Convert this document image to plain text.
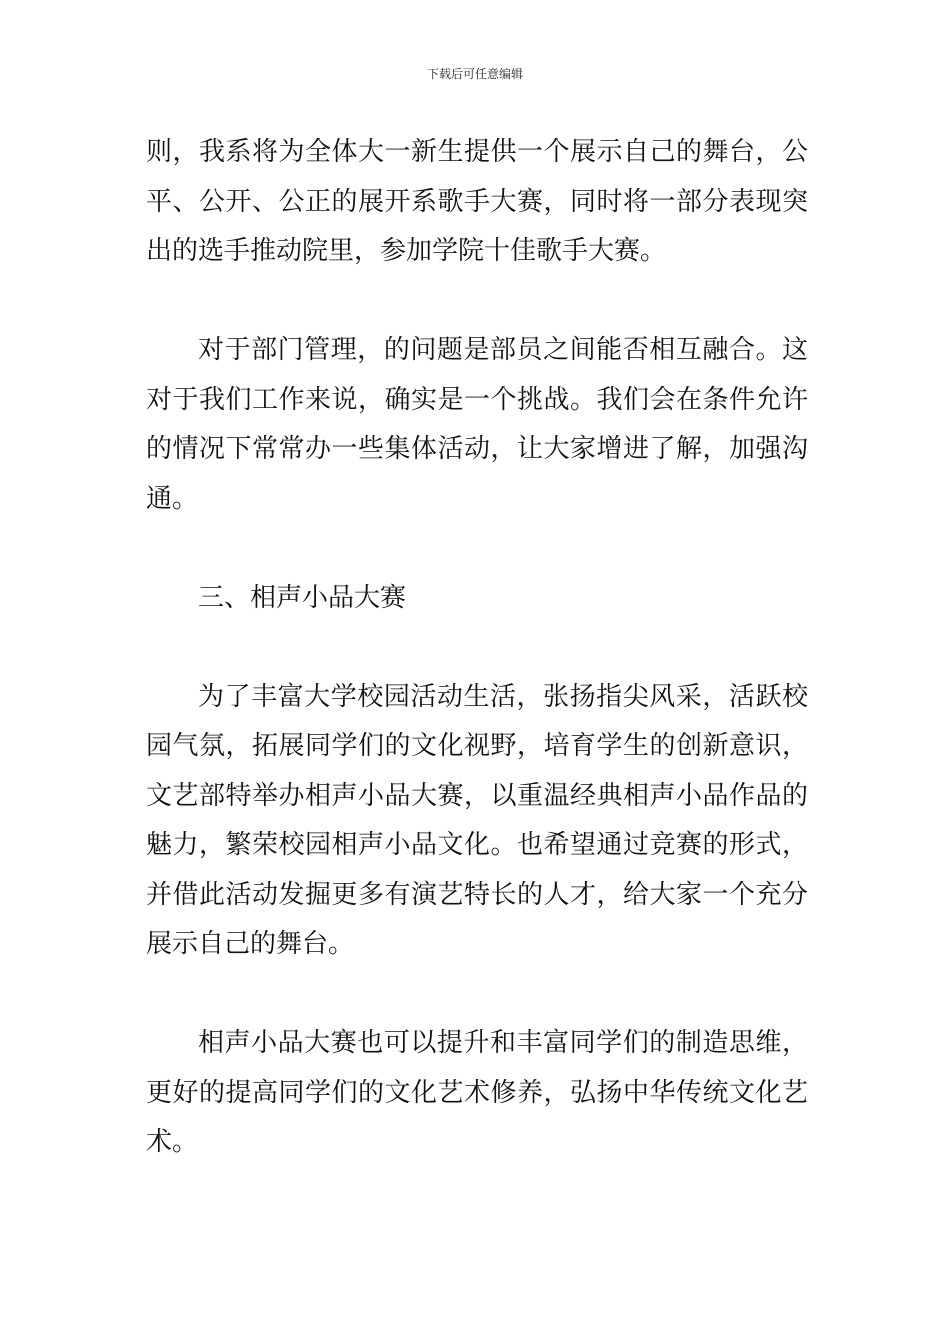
下载后可任意编辑

则，我系将为全体大一新生提供一个展示自己的舞台，公平、公开、公正的展开系歌手大赛，同时将一部分表现突出的选手推动院里，参加学院十佳歌手大赛。

对于部门管理，的问题是部员之间能否相互融合。这对于我们工作来说，确实是一个挑战。我们会在条件允许的情况下常常办一些集体活动，让大家增进了解，加强沟通。

三、相声小品大赛

为了丰富大学校园活动生活，张扬指尖风采，活跃校园气氛，拓展同学们的文化视野，培育学生的创新意识，文艺部特举办相声小品大赛，以重温经典相声小品作品的魅力，繁荣校园相声小品文化。也希望通过竞赛的形式，并借此活动发掘更多有演艺特长的人才，给大家一个充分展示自己的舞台。

相声小品大赛也可以提升和丰富同学们的制造思维，更好的提高同学们的文化艺术修养，弘扬中华传统文化艺术。
